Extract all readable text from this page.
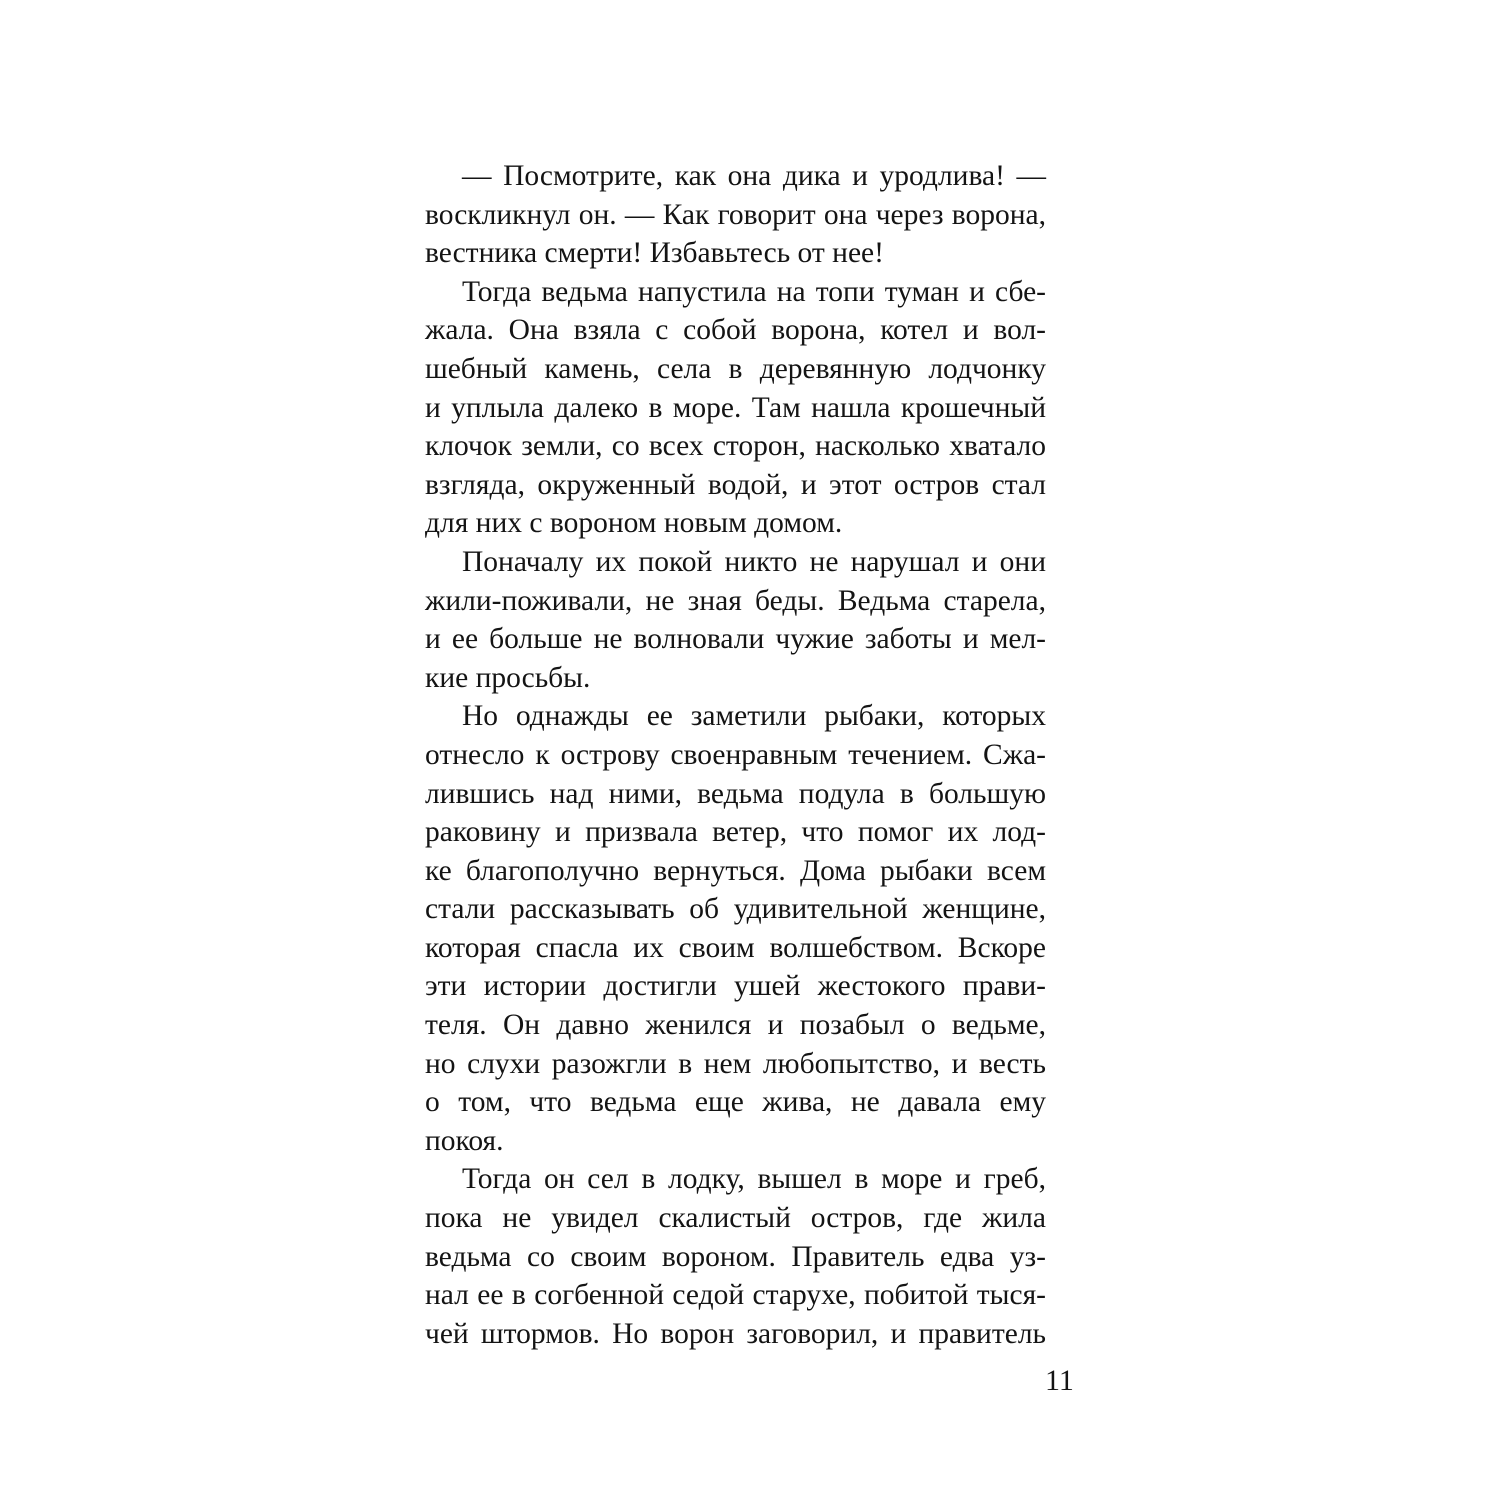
— Посмотрите, как она дика и уродлива! —
воскликнул он. — Как говорит она через ворона,
вестника смерти! Избавьтесь от нее!
Тогда ведьма напустила на топи туман и сбе-
жала. Она взяла с собой ворона, котел и вол-
шебный камень, села в деревянную лодчонку
и уплыла далеко в море. Там нашла крошечный
клочок земли, со всех сторон, насколько хватало
взгляда, окруженный водой, и этот остров стал
для них с вороном новым домом.
Поначалу их покой никто не нарушал и они
жили-поживали, не зная беды. Ведьма старела,
и ее больше не волновали чужие заботы и мел-
кие просьбы.
Но однажды ее заметили рыбаки, которых
отнесло к острову своенравным течением. Сжа-
лившись над ними, ведьма подула в большую
раковину и призвала ветер, что помог их лод-
ке благополучно вернуться. Дома рыбаки всем
стали рассказывать об удивительной женщине,
которая спасла их своим волшебством. Вскоре
эти истории достигли ушей жестокого прави-
теля. Он давно женился и позабыл о ведьме,
но слухи разожгли в нем любопытство, и весть
о том, что ведьма еще жива, не давала ему
покоя.
Тогда он сел в лодку, вышел в море и греб,
пока не увидел скалистый остров, где жила
ведьма со своим вороном. Правитель едва уз-
нал ее в согбенной седой старухе, побитой тыся-
чей штормов. Но ворон заговорил, и правитель
11
